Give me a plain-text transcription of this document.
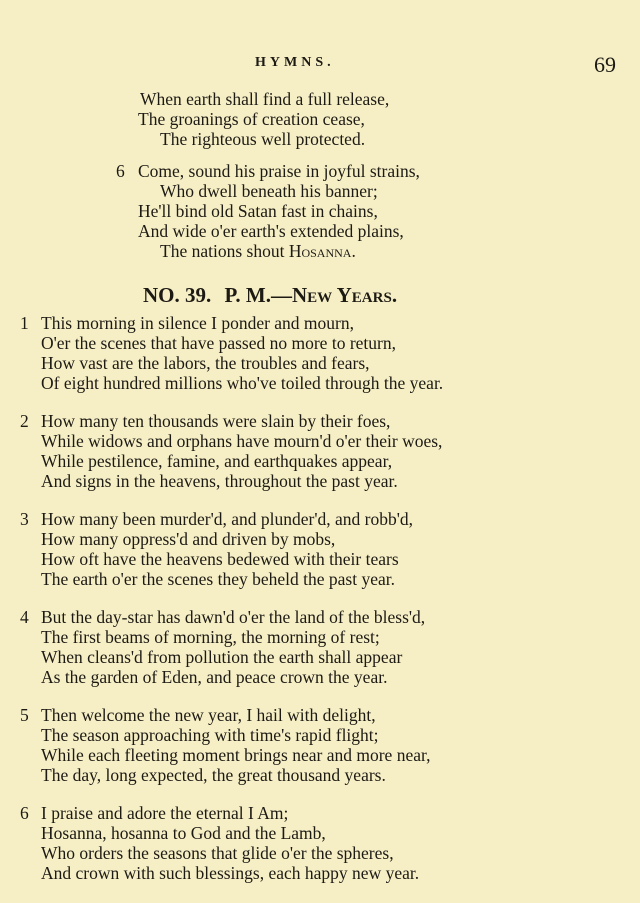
HYMNS.	69
When earth shall find a full release,
The groanings of creation cease,
The righteous well protected.
6 Come, sound his praise in joyful strains,
Who dwell beneath his banner;
He'll bind old Satan fast in chains,
And wide o'er earth's extended plains,
The nations shout Hosanna.
NO. 39. P. M.—New Years.
1 This morning in silence I ponder and mourn,
O'er the scenes that have passed no more to return,
How vast are the labors, the troubles and fears,
Of eight hundred millions who've toiled through the year.
2 How many ten thousands were slain by their foes,
While widows and orphans have mourn'd o'er their woes,
While pestilence, famine, and earthquakes appear,
And signs in the heavens, throughout the past year.
3 How many been murder'd, and plunder'd, and robb'd,
How many oppress'd and driven by mobs,
How oft have the heavens bedewed with their tears
The earth o'er the scenes they beheld the past year.
4 But the day-star has dawn'd o'er the land of the bless'd,
The first beams of morning, the morning of rest;
When cleans'd from pollution the earth shall appear
As the garden of Eden, and peace crown the year.
5 Then welcome the new year, I hail with delight,
The season approaching with time's rapid flight;
While each fleeting moment brings near and more near,
The day, long expected, the great thousand years.
6 I praise and adore the eternal I Am;
Hosanna, hosanna to God and the Lamb,
Who orders the seasons that glide o'er the spheres,
And crown with such blessings, each happy new year.
